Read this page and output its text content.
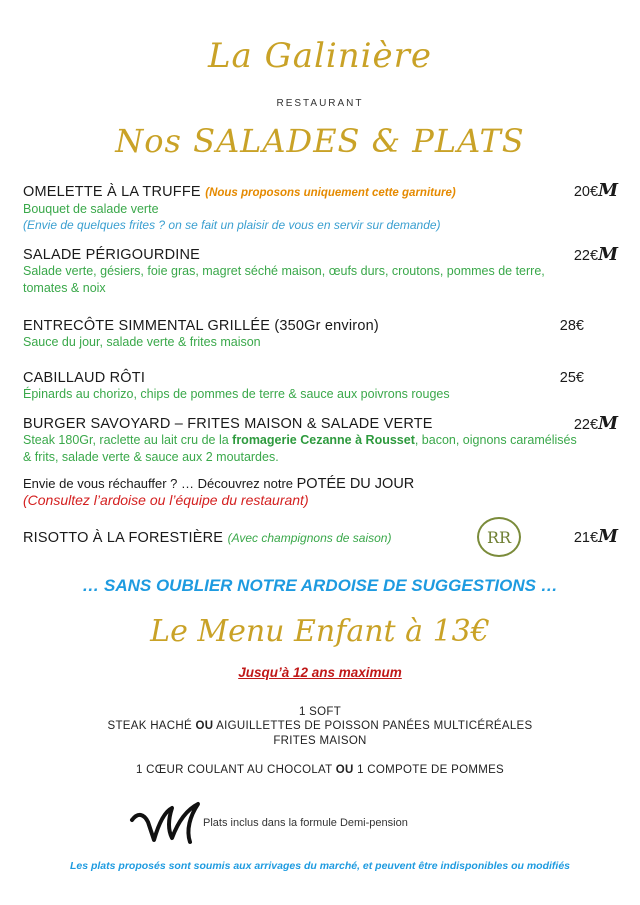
La Galinière
RESTAURANT
Nos SALADES & PLATS
OMELETTE À LA TRUFFE (Nous proposons uniquement cette garniture)
Bouquet de salade verte
(Envie de quelques frites ? on se fait un plaisir de vous en servir sur demande)
20€M
SALADE PÉRIGOURDINE
Salade verte, gésiers, foie gras, magret séché maison, œufs durs, croutons, pommes de terre, tomates & noix
22€M
ENTRECÔTE SIMMENTAL GRILLÉE (350Gr environ)
Sauce du jour, salade verte & frites maison
28€
CABILLAUD RÔTI
Épinards au chorizo, chips de pommes de terre & sauce aux poivrons rouges
25€
BURGER SAVOYARD – FRITES MAISON & SALADE VERTE
Steak 180Gr, raclette au lait cru de la fromagerie Cezanne à Rousset, bacon, oignons caramélisés & frits, salade verte & sauce aux 2 moutardes.
22€M
Envie de vous réchauffer ? … Découvrez notre POTÉE DU JOUR
(Consultez l’ardoise ou l’équipe du restaurant)
RISOTTO À LA FORESTIÈRE (Avec champignons de saison)	RR	21€M
… SANS OUBLIER NOTRE ARDOISE DE SUGGESTIONS …
Le Menu Enfant à 13€
Jusqu’à 12 ans maximum
1 SOFT
STEAK HACHÉ OU AIGUILLETTES DE POISSON PANÉES MULTICÉRÉALES
FRITES MAISON
1 CŒUR COULANT AU CHOCOLAT OU 1 COMPOTE DE POMMES
Plats inclus dans la formule Demi-pension
Les plats proposés sont soumis aux arrivages du marché, et peuvent être indisponibles ou modifiés
